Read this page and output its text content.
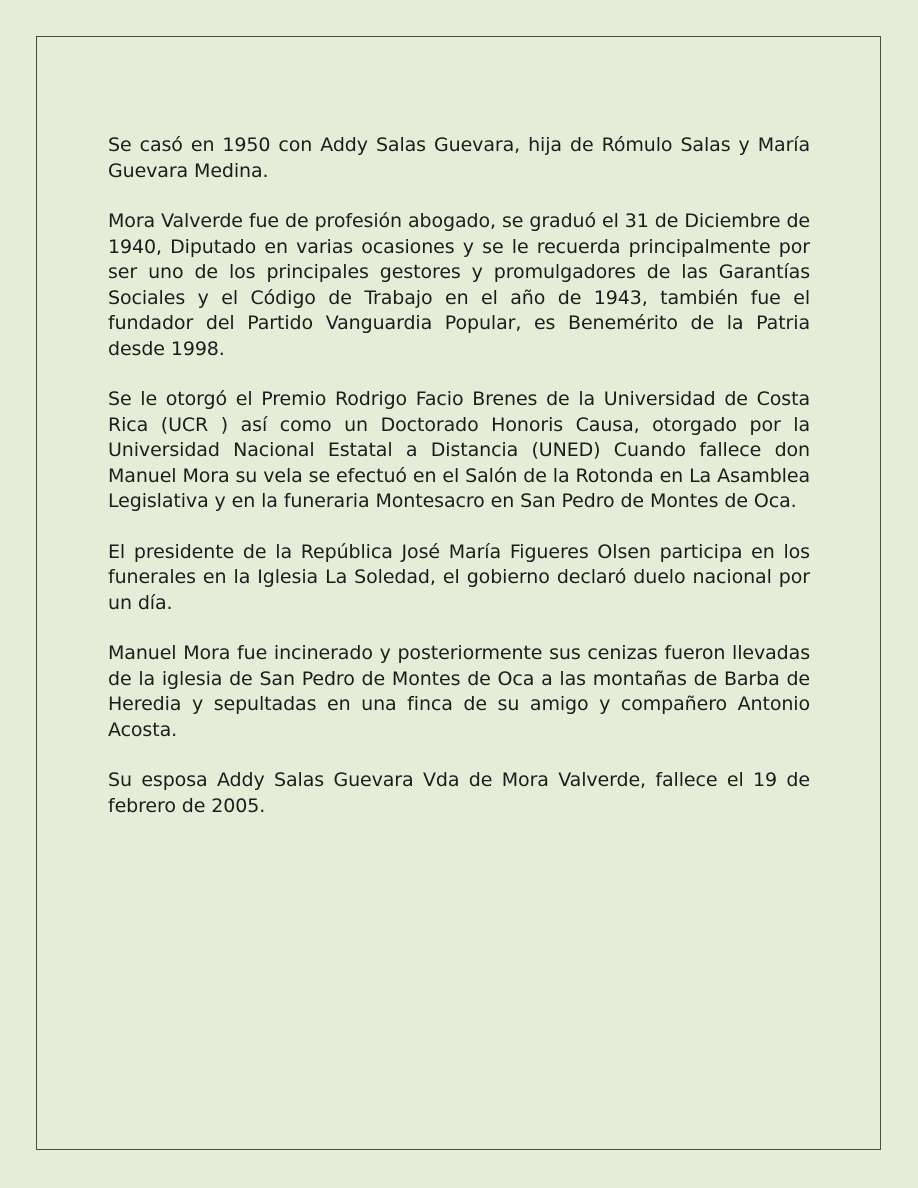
Se casó en 1950 con Addy Salas Guevara, hija de Rómulo Salas y María Guevara Medina.

Mora Valverde fue de profesión abogado, se graduó el 31 de Diciembre de 1940, Diputado en varias ocasiones y se le recuerda principalmente por ser uno de los principales gestores y promulgadores de las Garantías Sociales y el Código de Trabajo en el año de 1943, también fue el fundador del Partido Vanguardia Popular, es Benemérito de la Patria desde 1998.

Se le otorgó el Premio Rodrigo Facio Brenes de la Universidad de Costa Rica (UCR ) así como un Doctorado Honoris Causa, otorgado por la Universidad Nacional Estatal a Distancia (UNED) Cuando fallece don Manuel Mora su vela se efectuó en el Salón de la Rotonda en La Asamblea Legislativa y en la funeraria Montesacro en San Pedro de Montes de Oca.

El presidente de la República José María Figueres Olsen participa en los funerales en la Iglesia La Soledad, el gobierno declaró duelo nacional por un día.

Manuel Mora fue incinerado y posteriormente sus cenizas fueron llevadas de la iglesia de San Pedro de Montes de Oca a las montañas de Barba de Heredia y sepultadas en una finca de su amigo y compañero Antonio Acosta.

Su esposa Addy Salas Guevara Vda de Mora Valverde, fallece el 19 de febrero de 2005.
